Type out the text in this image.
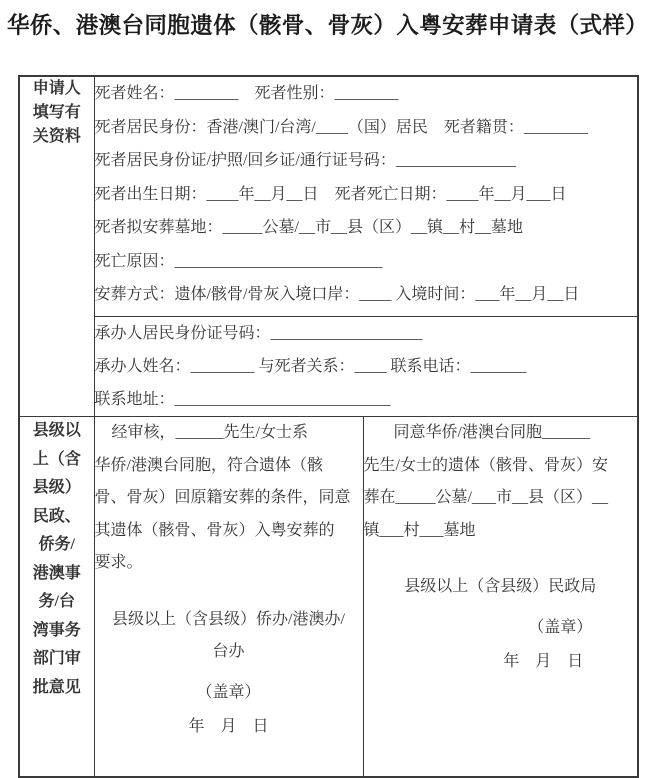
华侨、港澳台同胞遗体（骸骨、骨灰）入粤安葬申请表（式样）
申请人
填写有
关资料

死者姓名：________　死者性别：________
死者居民身份：香港/澳门/台湾/____（国）居民　死者籍贯：________
死者居民身份证/护照/回乡证/通行证号码：_______________
死者出生日期：____年__月__日　死者死亡日期：____年__月___日
死者拟安葬墓地：_____公墓/__市__县（区）__镇__村__墓地
死亡原因：__________________________
安葬方式：遗体/骸骨/骨灰入境口岸：____ 入境时间：___年__月__日

	承办人居民身份证号码：___________________
承办人姓名：________ 与死者关系：____ 联系电话：_______
联系地址：___________________________	

县级以
上（含
县级）
民政、
侨务/
港澳事
务/台
湾事务
部门审
批意见

经审核，______先生/女士系
华侨/港澳台同胞，符合遗体（骸
骨、骨灰）回原籍安葬的条件，同意
其遗体（骸骨、骨灰）入粤安葬的
要求。
县级以上（含县级）侨办/港澳办/
台办
（盖章）
年　月　日

同意华侨/港澳台同胞______
先生/女士的遗体（骸骨、骨灰）安
葬在_____公墓/___市__县（区）__
镇___村___墓地
县级以上（含县级）民政局
（盖章）
年　月　日
